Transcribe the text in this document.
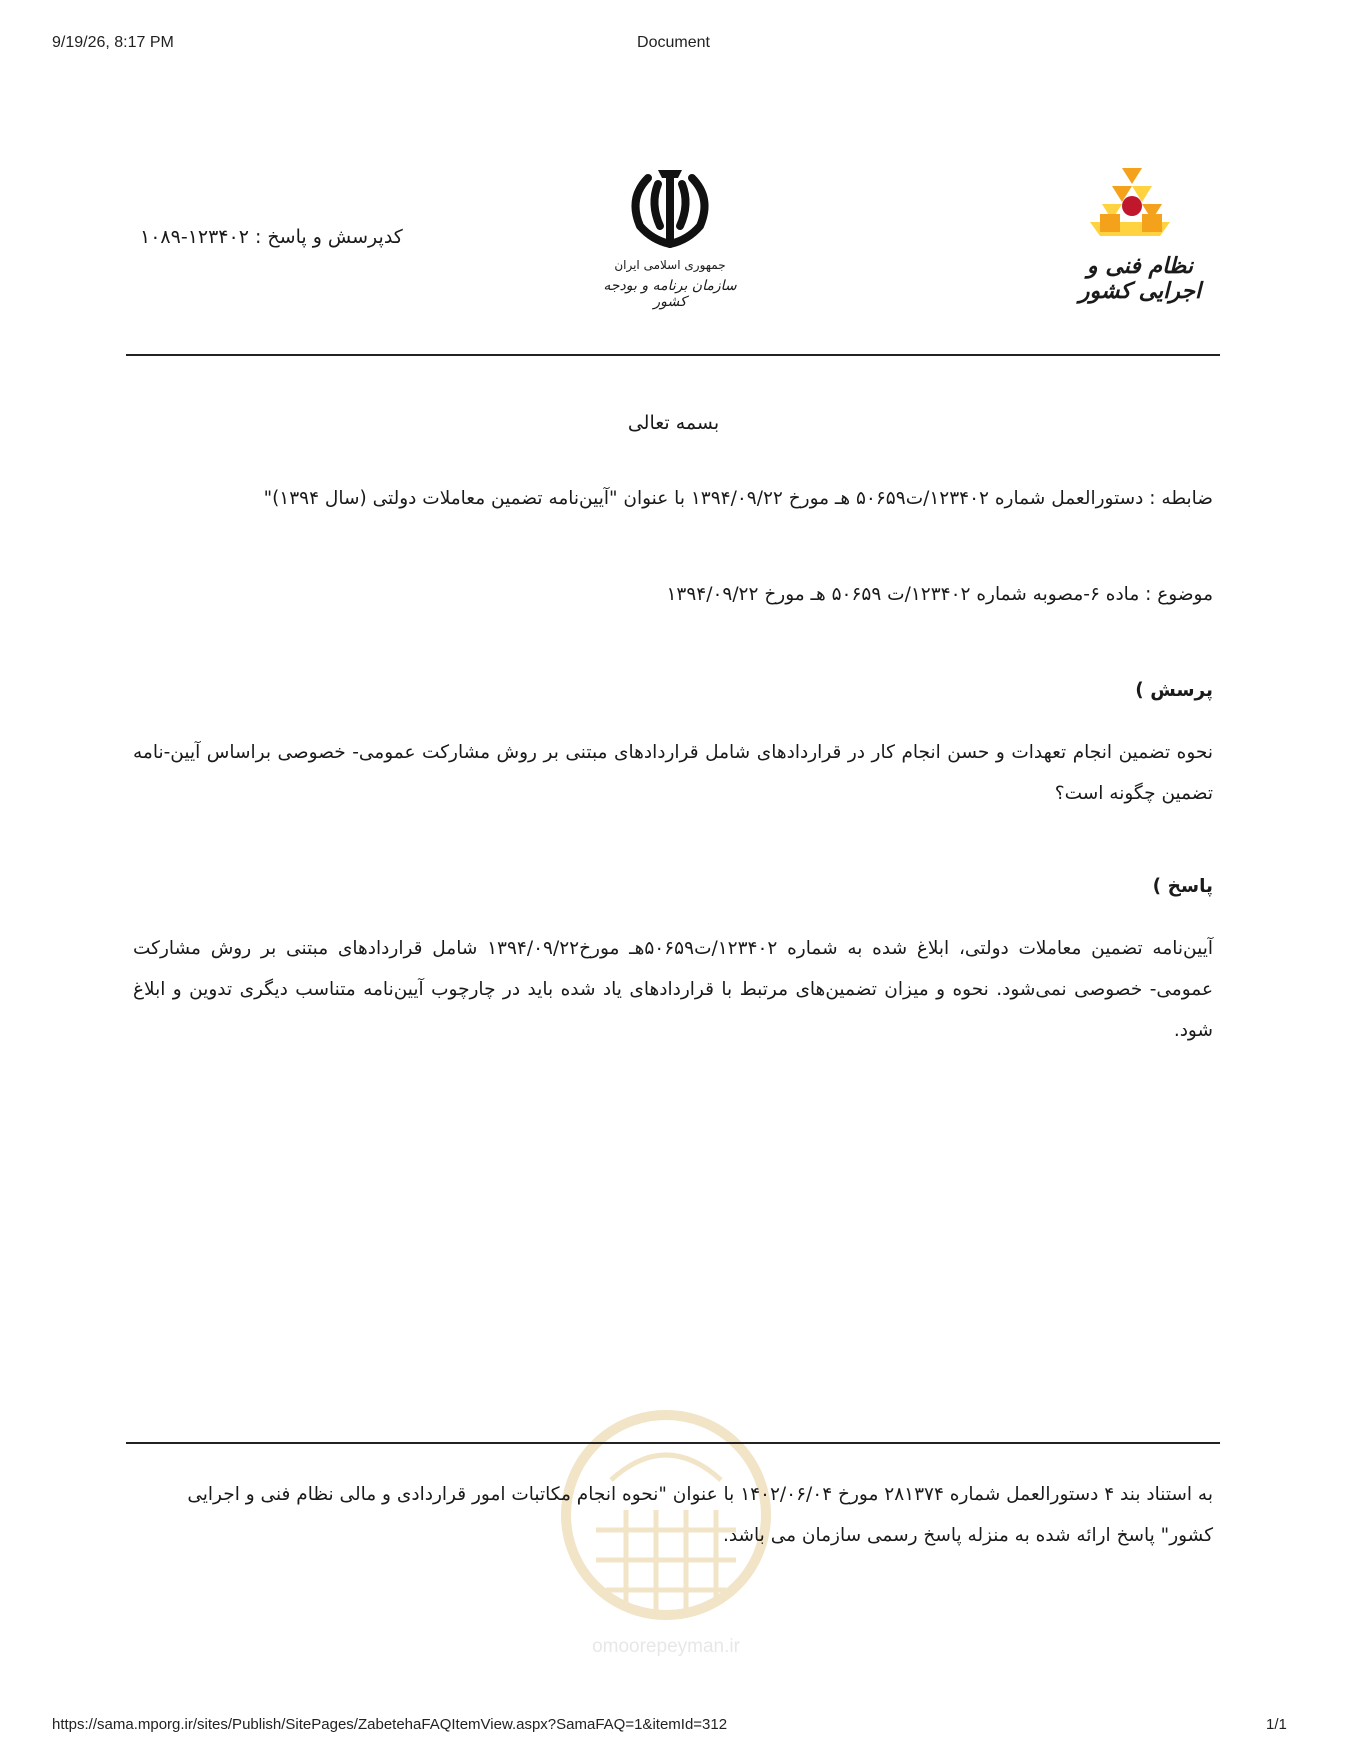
9/19/26, 8:17 PM	Document
کدپرسش و پاسخ : ۱۲۳۴۰۲-۱۰۸۹
جمهوری اسلامی ایران
سازمان برنامه و بودجه کشور
نظام فنی و اجرایی کشور
بسمه تعالی
ضابطه : دستورالعمل شماره ۱۲۳۴۰۲/ت۵۰۶۵۹ هـ مورخ ۱۳۹۴/۰۹/۲۲ با عنوان "آیین‌نامه تضمین معاملات دولتی (سال ۱۳۹۴)"
موضوع : ماده ۶-مصوبه شماره ۱۲۳۴۰۲/ت ۵۰۶۵۹ هـ مورخ ۱۳۹۴/۰۹/۲۲
پرسش )
نحوه تضمین انجام تعهدات و حسن انجام کار در قراردادهای شامل قراردادهای مبتنی بر روش مشارکت عمومی- خصوصی براساس آیین-نامه تضمین چگونه است؟
پاسخ )
آیین‌نامه تضمین معاملات دولتی، ابلاغ شده به شماره ۱۲۳۴۰۲/ت۵۰۶۵۹هـ مورخ۱۳۹۴/۰۹/۲۲ شامل قراردادهای مبتنی بر روش مشارکت عمومی- خصوصی نمی‌شود. نحوه و میزان تضمین‌های مرتبط با قراردادهای یاد شده باید در چارچوب آیین‌نامه متناسب دیگری تدوین و ابلاغ شود.
omoorepeyman.ir
به استناد بند ۴ دستورالعمل شماره ۲۸۱۳۷۴ مورخ ۱۴۰۲/۰۶/۰۴ با عنوان "نحوه انجام مکاتبات امور قراردادی و مالی نظام فنی و اجرایی کشور" پاسخ ارائه شده به منزله پاسخ رسمی سازمان می باشد.
https://sama.mporg.ir/sites/Publish/SitePages/ZabetehaFAQItemView.aspx?SamaFAQ=1&itemId=312	1/1
